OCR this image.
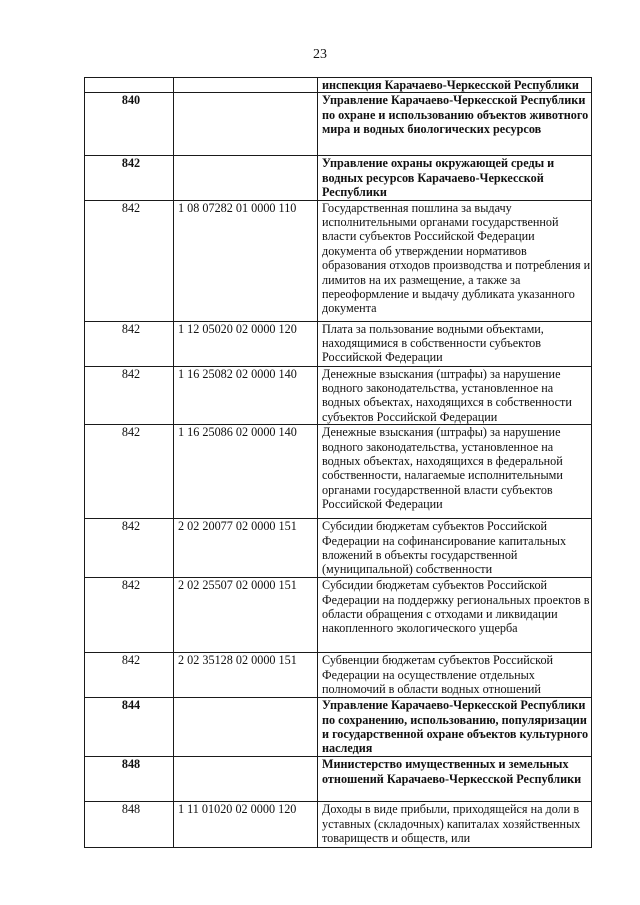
23
		инспекция Карачаево-Черкесской Республики
840		Управление Карачаево-Черкесской Республики по охране и использованию объектов животного мира и водных биологических ресурсов
842		Управление охраны окружающей среды и водных ресурсов Карачаево-Черкесской Республики
842	1 08 07282 01 0000 110	Государственная пошлина за выдачу исполнительными органами государственной власти субъектов Российской Федерации документа об утверждении нормативов образования отходов производства и потребления и лимитов на их размещение, а также за переоформление и выдачу дубликата указанного документа
842	1 12 05020 02 0000 120	Плата за пользование водными объектами, находящимися в собственности субъектов Российской Федерации
842	1 16 25082 02 0000 140	Денежные взыскания (штрафы) за нарушение водного законодательства, установленное на водных объектах, находящихся в собственности субъектов Российской Федерации
842	1 16 25086 02 0000 140	Денежные взыскания (штрафы) за нарушение водного законодательства, установленное на водных объектах, находящихся в федеральной собственности, налагаемые исполнительными органами государственной власти субъектов Российской Федерации
842	2 02 20077 02 0000 151	Субсидии бюджетам субъектов Российской Федерации на софинансирование капитальных вложений в объекты государственной (муниципальной) собственности
842	2 02 25507 02 0000 151	Субсидии бюджетам субъектов Российской Федерации на поддержку региональных проектов в области обращения с отходами и ликвидации накопленного экологического ущерба
842	2 02 35128 02 0000 151	Субвенции бюджетам субъектов Российской Федерации на осуществление отдельных полномочий в области водных отношений
844		Управление Карачаево-Черкесской Республики по сохранению, использованию, популяризации и государственной охране объектов культурного наследия
848		Министерство имущественных и земельных отношений Карачаево-Черкесской Республики
848	1 11 01020 02 0000 120	Доходы в виде прибыли, приходящейся на доли в уставных (складочных) капиталах хозяйственных товариществ и обществ, или
